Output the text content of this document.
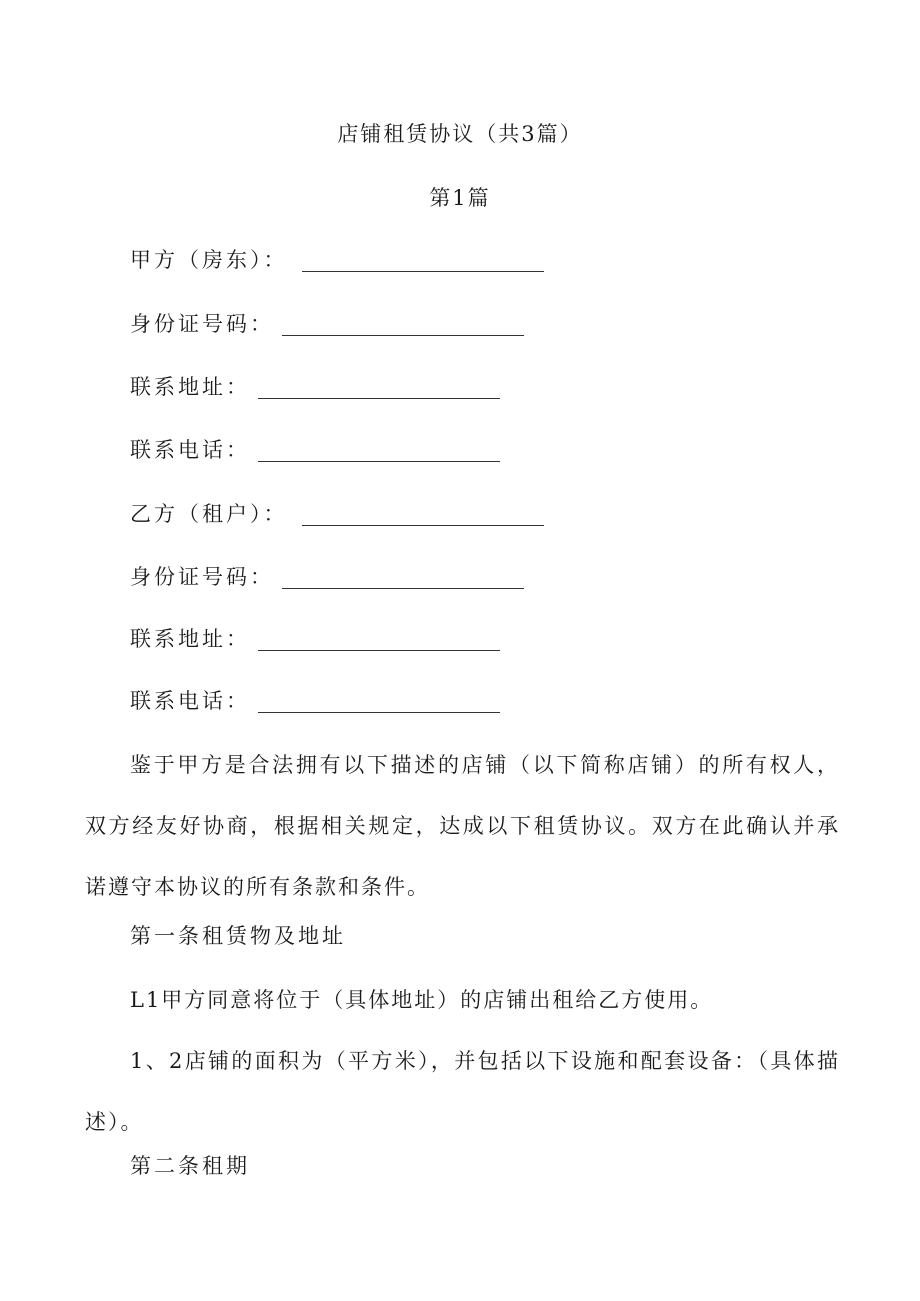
店铺租赁协议（共3篇）
第1篇
甲方（房东）：
身份证号码：
联系地址：
联系电话：
乙方（租户）：
身份证号码：
联系地址：
联系电话：

鉴于甲方是合法拥有以下描述的店铺（以下简称店铺）的所有权人，双方经友好协商，根据相关规定，达成以下租赁协议。双方在此确认并承诺遵守本协议的所有条款和条件。

第一条租赁物及地址

L1甲方同意将位于（具体地址）的店铺出租给乙方使用。

1、2店铺的面积为（平方米），并包括以下设施和配套设备：（具体描述）。

第二条租期
